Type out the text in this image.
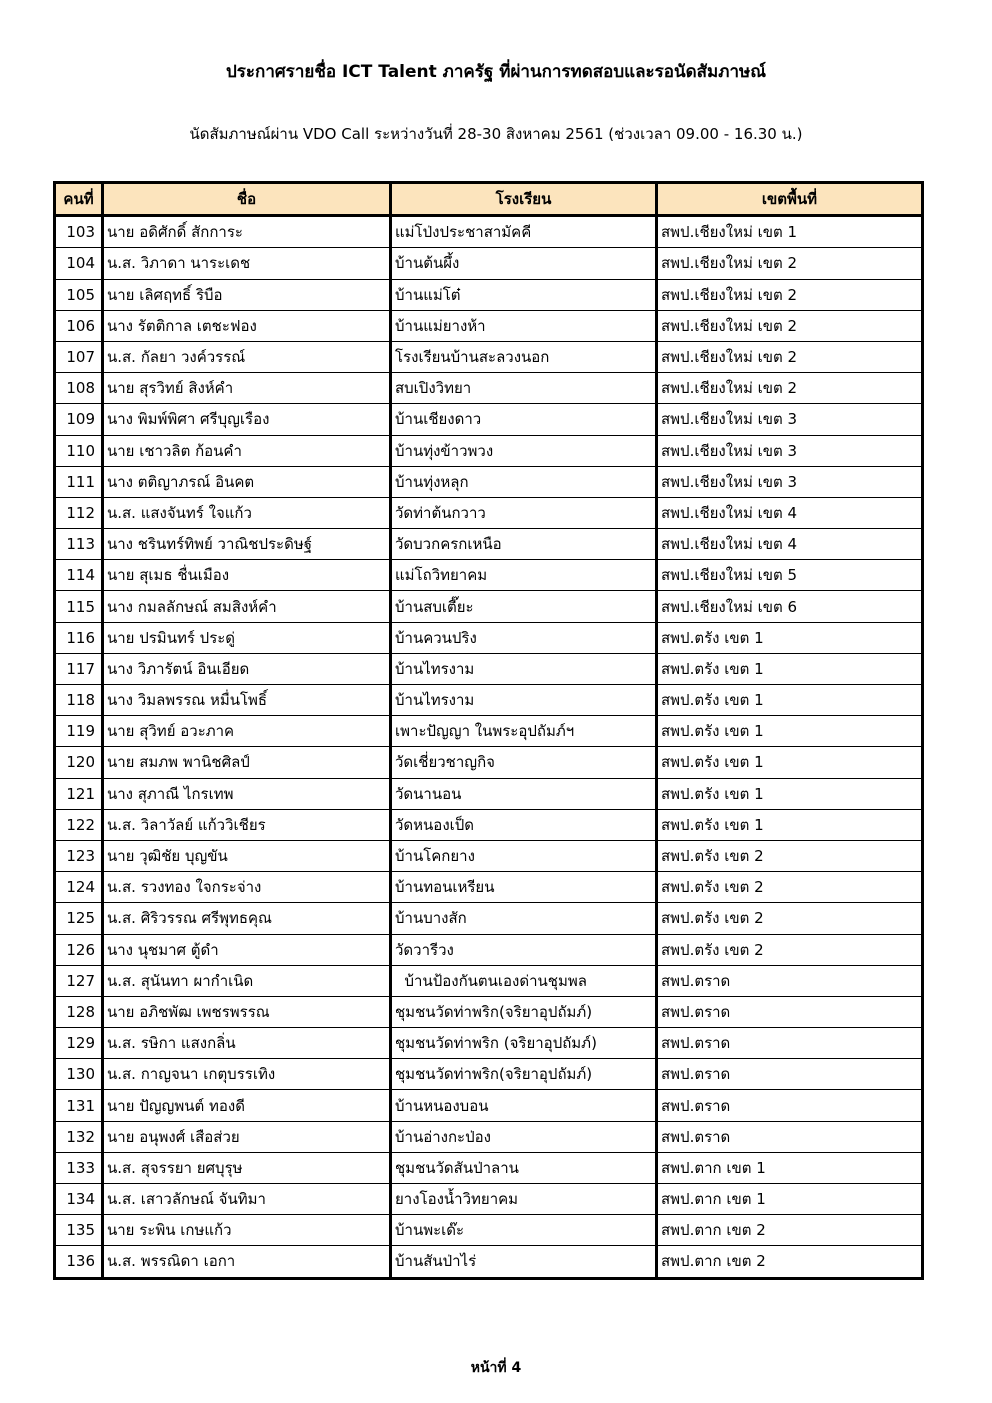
ประกาศรายชื่อ ICT Talent ภาครัฐ ที่ผ่านการทดสอบและรอนัดสัมภาษณ์
นัดสัมภาษณ์ผ่าน VDO Call ระหว่างวันที่ 28-30 สิงหาคม 2561 (ช่วงเวลา 09.00 - 16.30 น.)
คนที่	ชื่อ	โรงเรียน	เขตพื้นที่
103	นาย อดิศักดิ์ สักการะ	แม่โป่งประชาสามัคคี	สพป.เชียงใหม่ เขต 1
104	น.ส. วิภาดา นาระเดช	บ้านต้นผึ้ง	สพป.เชียงใหม่ เขต 2
105	นาย เลิศฤทธิ์ ริบือ	บ้านแม่โต๋	สพป.เชียงใหม่ เขต 2
106	นาง รัตติกาล เตชะฟอง	บ้านแม่ยางห้า	สพป.เชียงใหม่ เขต 2
107	น.ส. กัลยา วงค์วรรณ์	โรงเรียนบ้านสะลวงนอก	สพป.เชียงใหม่ เขต 2
108	นาย สุรวิทย์ สิงห์คำ	สบเปิงวิทยา	สพป.เชียงใหม่ เขต 2
109	นาง พิมพ์พิศา ศรีบุญเรือง	บ้านเชียงดาว	สพป.เชียงใหม่ เขต 3
110	นาย เชาวลิต ก้อนคำ	บ้านทุ่งข้าวพวง	สพป.เชียงใหม่ เขต 3
111	นาง ตติญาภรณ์ อินคต	บ้านทุ่งหลุก	สพป.เชียงใหม่ เขต 3
112	น.ส. แสงจันทร์ ใจแก้ว	วัดท่าต้นกวาว	สพป.เชียงใหม่ เขต 4
113	นาง ชรินทร์ทิพย์ วาณิชประดิษฐ์	วัดบวกครกเหนือ	สพป.เชียงใหม่ เขต 4
114	นาย สุเมธ ชื่นเมือง	แม่โถวิทยาคม	สพป.เชียงใหม่ เขต 5
115	นาง กมลลักษณ์ สมสิงห์คำ	บ้านสบเตี๊ยะ	สพป.เชียงใหม่ เขต 6
116	นาย ปรมินทร์ ประดู่	บ้านควนปริง	สพป.ตรัง เขต 1
117	นาง วิภารัตน์ อินเอียด	บ้านไทรงาม	สพป.ตรัง เขต 1
118	นาง วิมลพรรณ หมื่นโพธิ์	บ้านไทรงาม	สพป.ตรัง เขต 1
119	นาย สุวิทย์ อวะภาค	เพาะปัญญา ในพระอุปถัมภ์ฯ	สพป.ตรัง เขต 1
120	นาย สมภพ พานิชศิลป์	วัดเชี่ยวชาญกิจ	สพป.ตรัง เขต 1
121	นาง สุภาณี ไกรเทพ	วัดนานอน	สพป.ตรัง เขต 1
122	น.ส. วิลาวัลย์ แก้ววิเชียร	วัดหนองเป็ด	สพป.ตรัง เขต 1
123	นาย วุฒิชัย บุญขัน	บ้านโคกยาง	สพป.ตรัง เขต 2
124	น.ส. รวงทอง ใจกระจ่าง	บ้านทอนเหรียน	สพป.ตรัง เขต 2
125	น.ส. ศิริวรรณ ศรีพุทธคุณ	บ้านบางสัก	สพป.ตรัง เขต 2
126	นาง นุชมาศ ตู้ดำ	วัดวารีวง	สพป.ตรัง เขต 2
127	น.ส. สุนันทา ผากำเนิด	บ้านป้องกันตนเองด่านชุมพล	สพป.ตราด
128	นาย อภิชพัฒ เพชรพรรณ	ชุมชนวัดท่าพริก(จริยาอุปถัมภ์)	สพป.ตราด
129	น.ส. รษิกา แสงกลิ่น	ชุมชนวัดท่าพริก (จริยาอุปถัมภ์)	สพป.ตราด
130	น.ส. กาญจนา เกตุบรรเทิง	ชุมชนวัดท่าพริก(จริยาอุปถัมภ์)	สพป.ตราด
131	นาย ปัญญพนต์ ทองดี	บ้านหนองบอน	สพป.ตราด
132	นาย อนุพงศ์ เสือส่วย	บ้านอ่างกะป่อง	สพป.ตราด
133	น.ส. สุจรรยา ยศบุรุษ	ชุมชนวัดสันป่าลาน	สพป.ตาก เขต 1
134	น.ส. เสาวลักษณ์ จันทิมา	ยางโองน้ำวิทยาคม	สพป.ตาก เขต 1
135	นาย ระพิน เกษแก้ว	บ้านพะเด๊ะ	สพป.ตาก เขต 2
136	น.ส. พรรณิดา เอกา	บ้านสันป่าไร่	สพป.ตาก เขต 2
หน้าที่ 4
